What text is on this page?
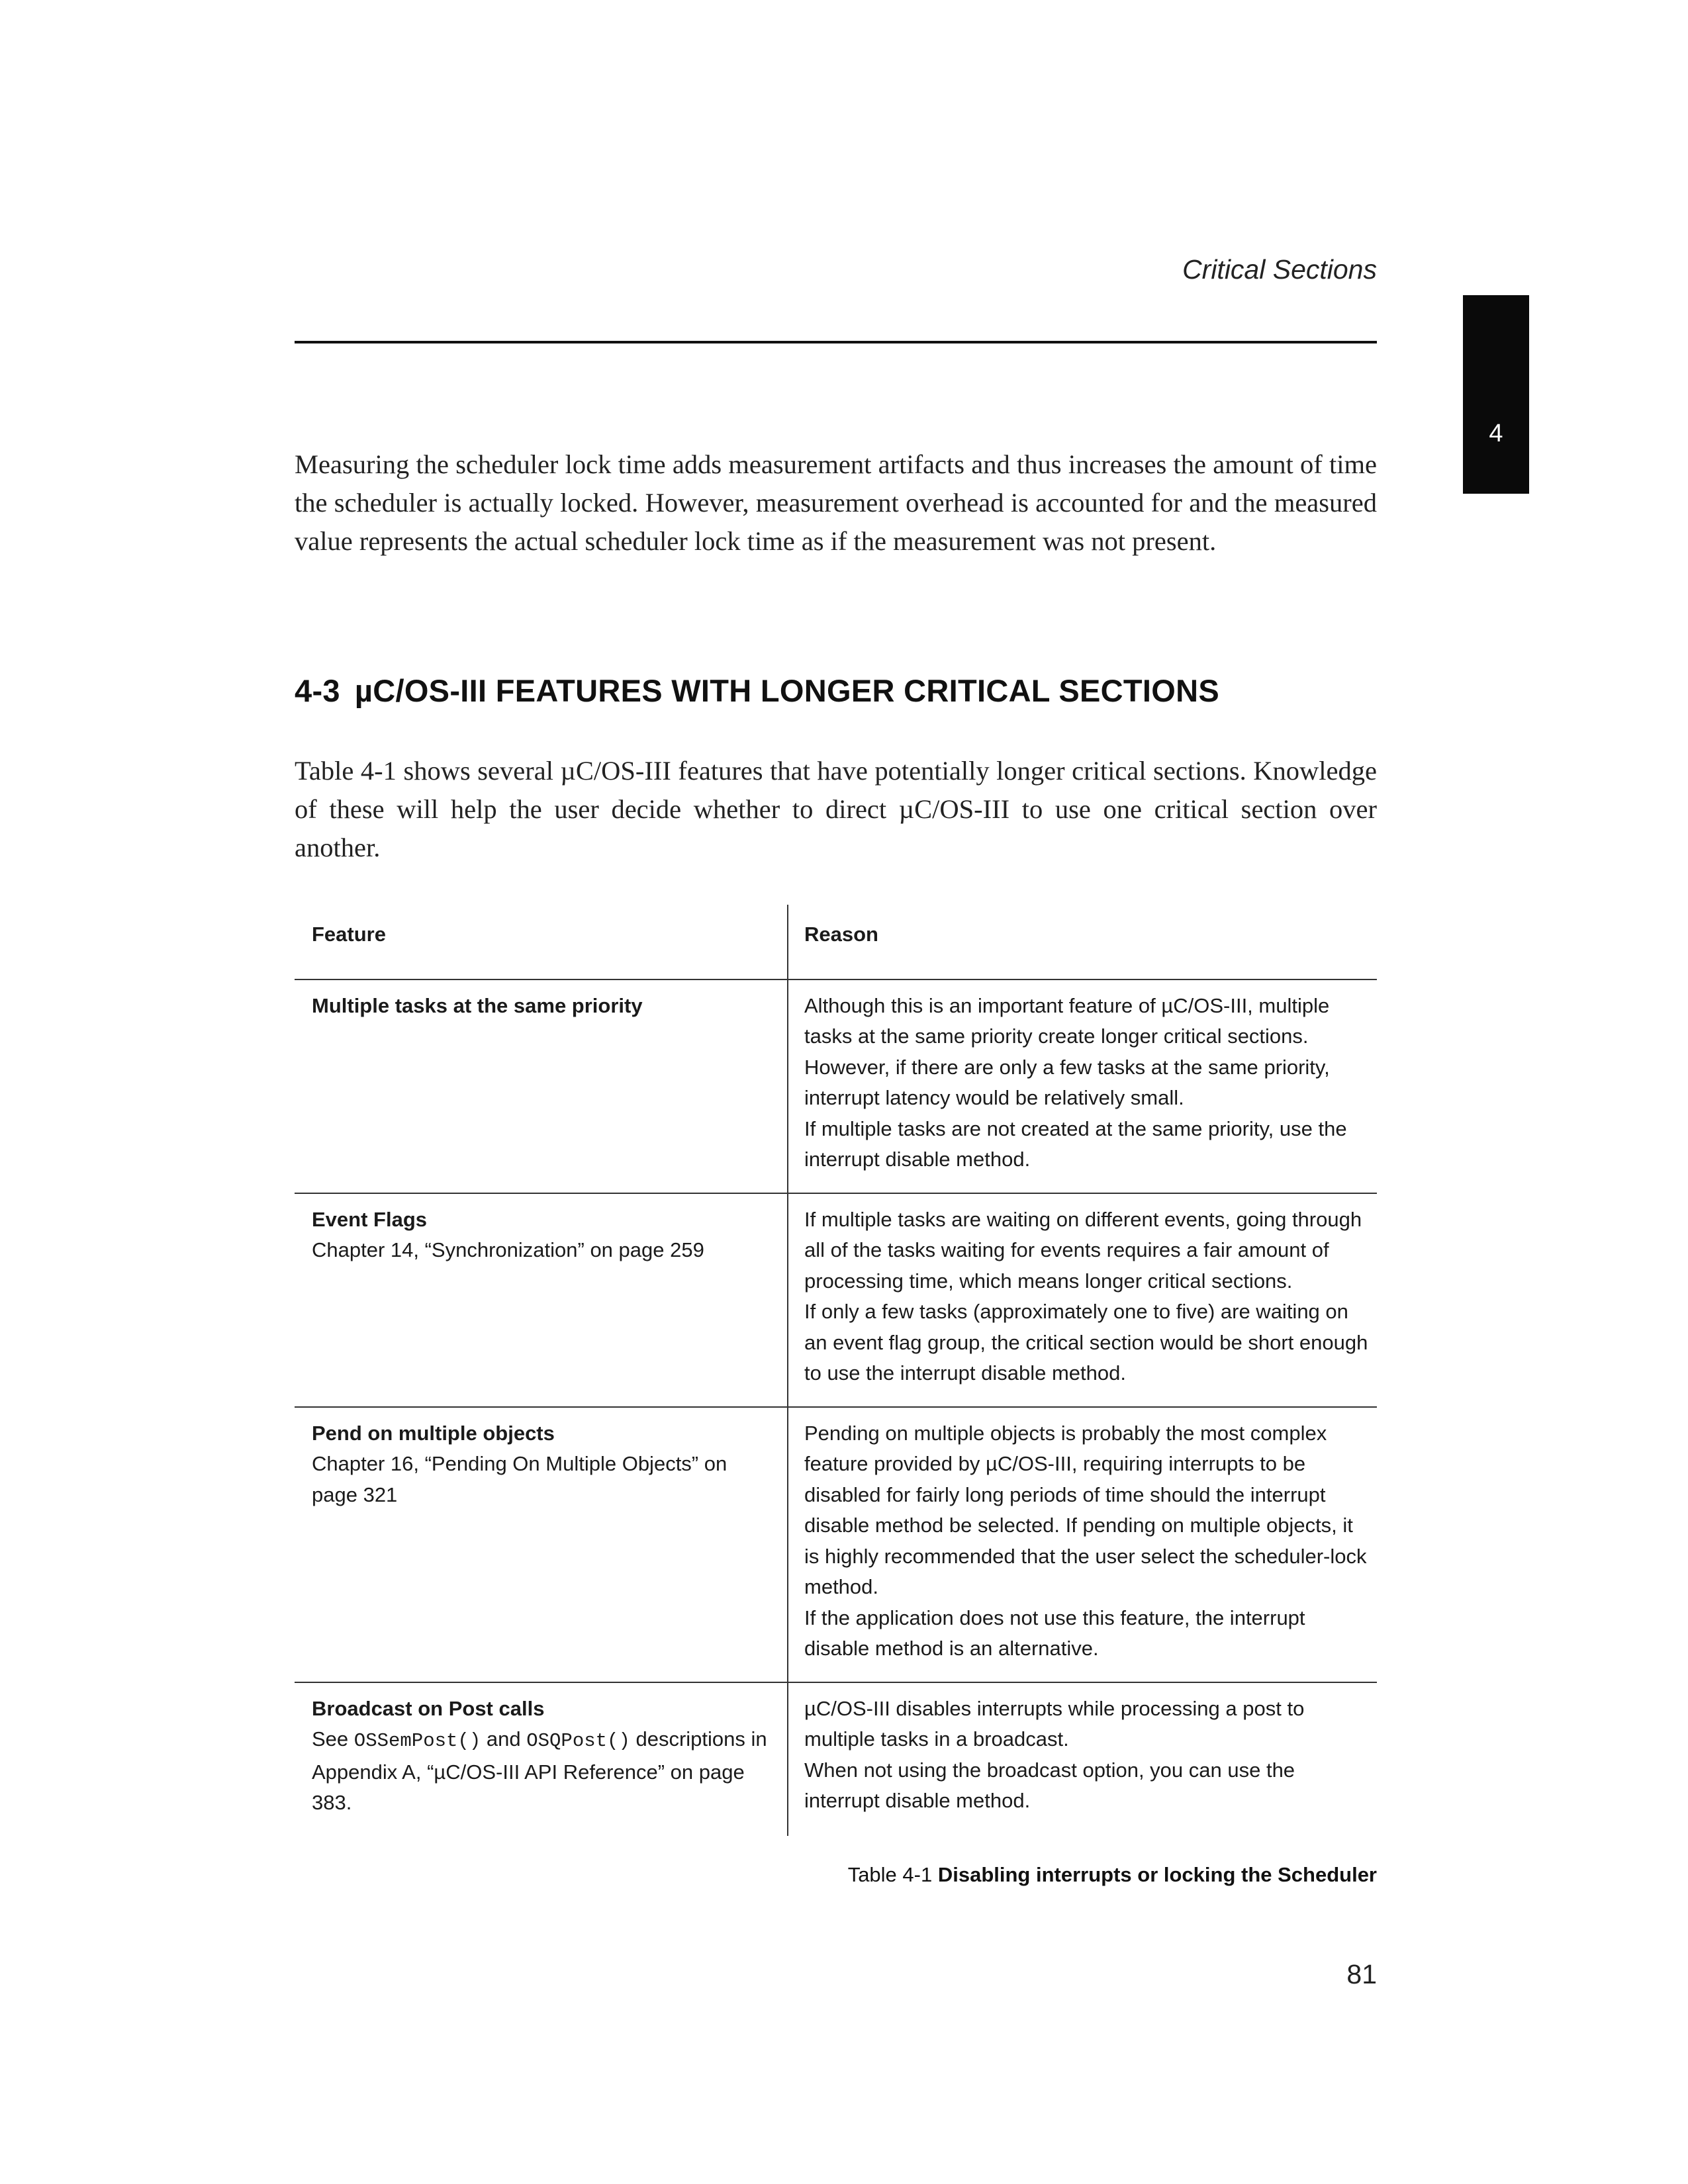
Critical Sections
4

Measuring the scheduler lock time adds measurement artifacts and thus increases the amount of time the scheduler is actually locked. However, measurement overhead is accounted for and the measured value represents the actual scheduler lock time as if the measurement was not present.

4-3 µC/OS-III FEATURES WITH LONGER CRITICAL SECTIONS

Table 4-1 shows several µC/OS-III features that have potentially longer critical sections. Knowledge of these will help the user decide whether to direct µC/OS-III to use one critical section over another.

Feature	Reason

Multiple tasks at the same priority	Although this is an important feature of µC/OS-III, multiple tasks at the same priority create longer critical sections. However, if there are only a few tasks at the same priority, interrupt latency would be relatively small.
If multiple tasks are not created at the same priority, use the interrupt disable method.

Event Flags
Chapter 14, “Synchronization” on page 259	If multiple tasks are waiting on different events, going through all of the tasks waiting for events requires a fair amount of processing time, which means longer critical sections.
If only a few tasks (approximately one to five) are waiting on an event flag group, the critical section would be short enough to use the interrupt disable method.

Pend on multiple objects
Chapter 16, “Pending On Multiple Objects” on page 321	Pending on multiple objects is probably the most complex feature provided by µC/OS-III, requiring interrupts to be disabled for fairly long periods of time should the interrupt disable method be selected. If pending on multiple objects, it is highly recommended that the user select the scheduler-lock method.
If the application does not use this feature, the interrupt disable method is an alternative.

Broadcast on Post calls
See OSSemPost() and OSQPost() descriptions in Appendix A, “µC/OS-III API Reference” on page 383.	µC/OS-III disables interrupts while processing a post to multiple tasks in a broadcast.
When not using the broadcast option, you can use the interrupt disable method.
Table 4-1 Disabling interrupts or locking the Scheduler
81
